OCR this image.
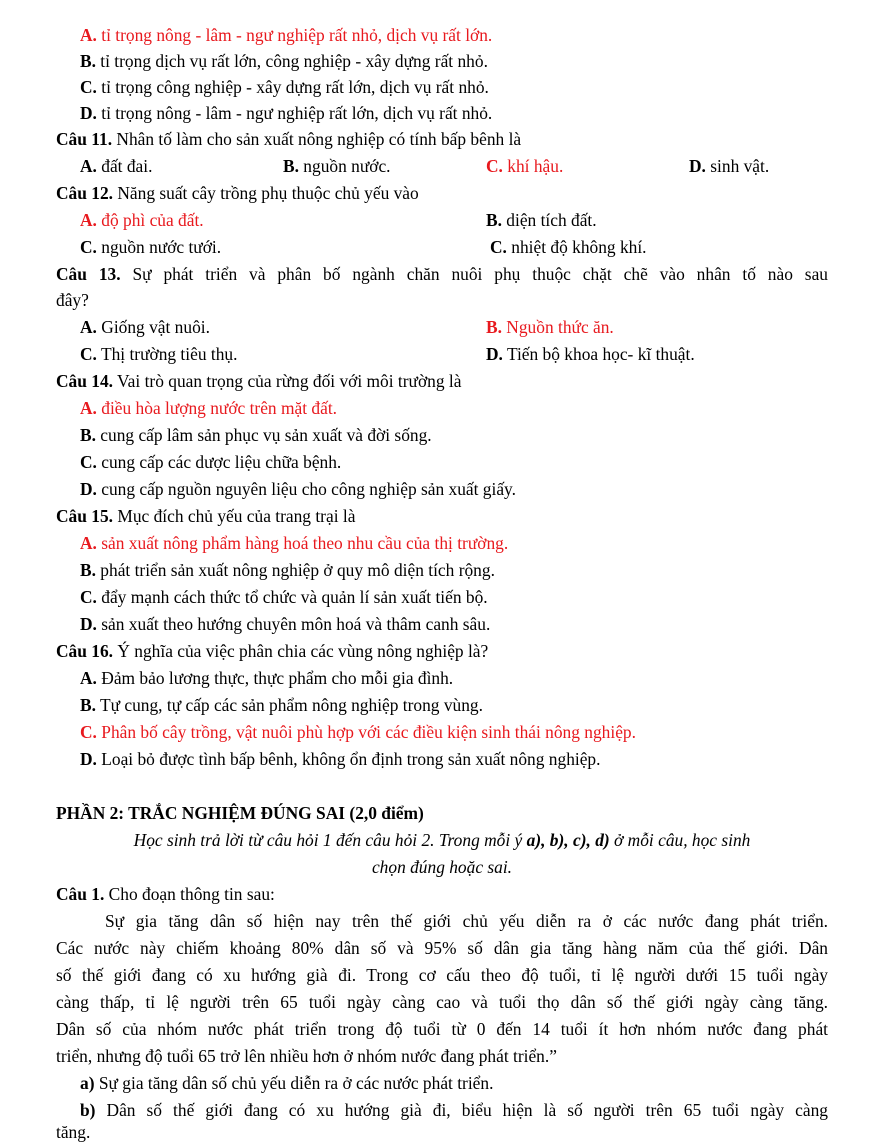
A. tỉ trọng nông - lâm - ngư nghiệp rất nhỏ, dịch vụ rất lớn.
B. tỉ trọng dịch vụ rất lớn, công nghiệp - xây dựng rất nhỏ.
C. tỉ trọng công nghiệp - xây dựng rất lớn, dịch vụ rất nhỏ.
D. tỉ trọng nông - lâm - ngư nghiệp rất lớn, dịch vụ rất nhỏ.
Câu 11. Nhân tố làm cho sản xuất nông nghiệp có tính bấp bênh là
A. đất đai.	B. nguồn nước.	C. khí hậu.	D. sinh vật.
Câu 12. Năng suất cây trồng phụ thuộc chủ yếu vào
A. độ phì của đất.	B. diện tích đất.
C. nguồn nước tưới.	C. nhiệt độ không khí.
Câu 13. Sự phát triển và phân bố ngành chăn nuôi phụ thuộc chặt chẽ vào nhân tố nào sau
đây?
A. Giống vật nuôi.	B. Nguồn thức ăn.
C. Thị trường tiêu thụ.	D. Tiến bộ khoa học- kĩ thuật.
Câu 14. Vai trò quan trọng của rừng đối với môi trường là
A. điều hòa lượng nước trên mặt đất.
B. cung cấp lâm sản phục vụ sản xuất và đời sống.
C. cung cấp các dược liệu chữa bệnh.
D. cung cấp nguồn nguyên liệu cho công nghiệp sản xuất giấy.
Câu 15. Mục đích chủ yếu của trang trại là
A. sản xuất nông phẩm hàng hoá theo nhu cầu của thị trường.
B. phát triển sản xuất nông nghiệp ở quy mô diện tích rộng.
C. đẩy mạnh cách thức tổ chức và quản lí sản xuất tiến bộ.
D. sản xuất theo hướng chuyên môn hoá và thâm canh sâu.
Câu 16. Ý nghĩa của việc phân chia các vùng nông nghiệp là?
A. Đảm bảo lương thực, thực phẩm cho mỗi gia đình.
B. Tự cung, tự cấp các sản phẩm nông nghiệp trong vùng.
C. Phân bố cây trồng, vật nuôi phù hợp với các điều kiện sinh thái nông nghiệp.
D. Loại bỏ được tình bấp bênh, không ổn định trong sản xuất nông nghiệp.
PHẦN 2: TRẮC NGHIỆM ĐÚNG SAI (2,0 điểm)
Học sinh trả lời từ câu hỏi 1 đến câu hỏi 2. Trong mỗi ý a), b), c), d) ở mỗi câu, học sinh
chọn đúng hoặc sai.
Câu 1. Cho đoạn thông tin sau:
Sự gia tăng dân số hiện nay trên thế giới chủ yếu diễn ra ở các nước đang phát triển.
Các nước này chiếm khoảng 80% dân số và 95% số dân gia tăng hàng năm của thế giới. Dân
số thế giới đang có xu hướng già đi. Trong cơ cấu theo độ tuổi, tỉ lệ người dưới 15 tuổi ngày
càng thấp, tỉ lệ người trên 65 tuổi ngày càng cao và tuổi thọ dân số thế giới ngày càng tăng.
Dân số của nhóm nước phát triển trong độ tuổi từ 0 đến 14 tuổi ít hơn nhóm nước đang phát
triển, nhưng độ tuổi 65 trở lên nhiều hơn ở nhóm nước đang phát triển.”
a) Sự gia tăng dân số chủ yếu diễn ra ở các nước phát triển.
b) Dân số thế giới đang có xu hướng già đi, biểu hiện là số người trên 65 tuổi ngày càng
tăng.
